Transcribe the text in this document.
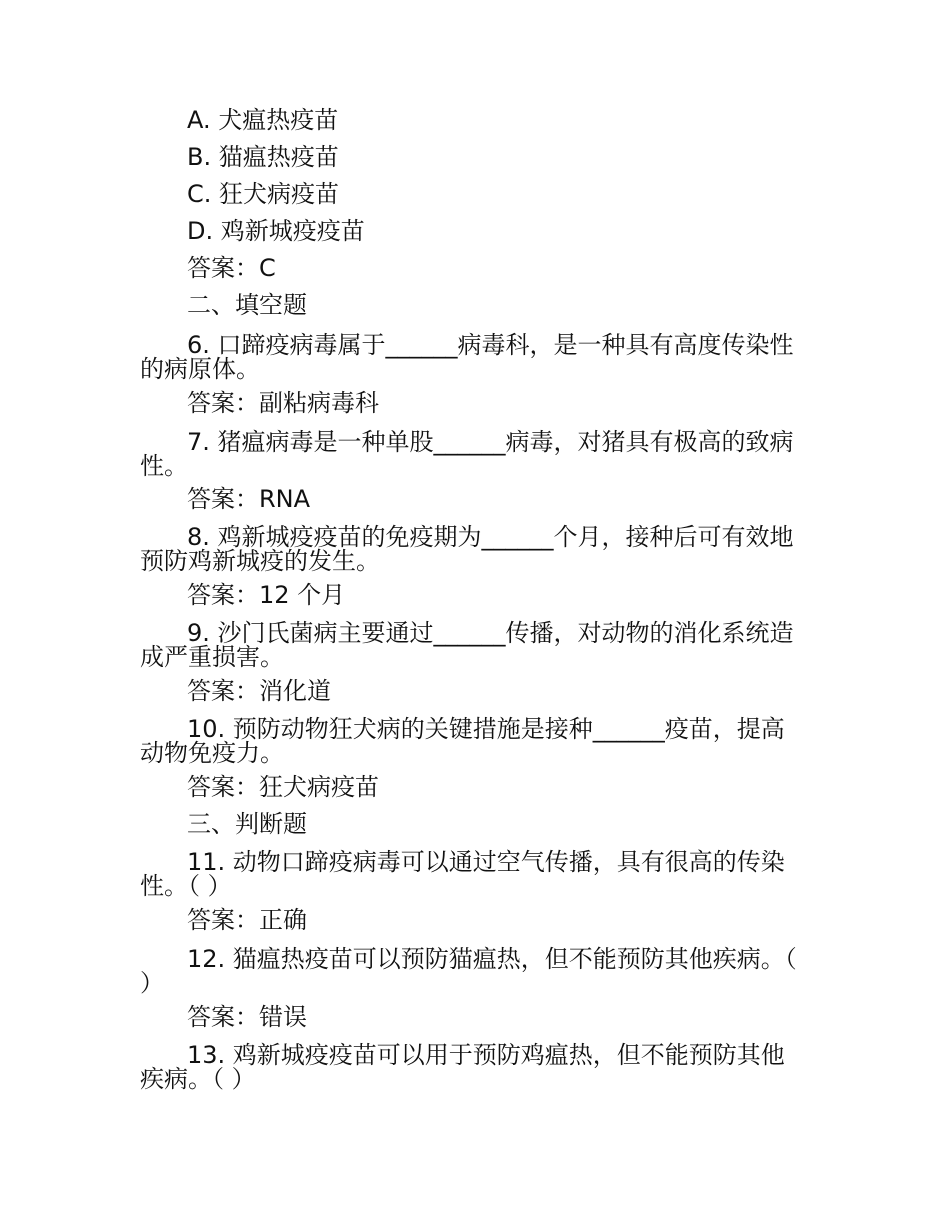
A. 犬瘟热疫苗
B. 猫瘟热疫苗
C. 狂犬病疫苗
D. 鸡新城疫疫苗
答案：C
二、填空题
6. 口蹄疫病毒属于______病毒科，是一种具有高度传染性的病原体。
答案：副粘病毒科
7. 猪瘟病毒是一种单股______病毒，对猪具有极高的致病性。
答案：RNA
8. 鸡新城疫疫苗的免疫期为______个月，接种后可有效地预防鸡新城疫的发生。
答案：12 个月
9. 沙门氏菌病主要通过______传播，对动物的消化系统造成严重损害。
答案：消化道
10. 预防动物狂犬病的关键措施是接种______疫苗，提高动物免疫力。
答案：狂犬病疫苗
三、判断题
11. 动物口蹄疫病毒可以通过空气传播，具有很高的传染性。（ ）
答案：正确
12. 猫瘟热疫苗可以预防猫瘟热，但不能预防其他疾病。（ ）
答案：错误
13. 鸡新城疫疫苗可以用于预防鸡瘟热，但不能预防其他疾病。（ ）
